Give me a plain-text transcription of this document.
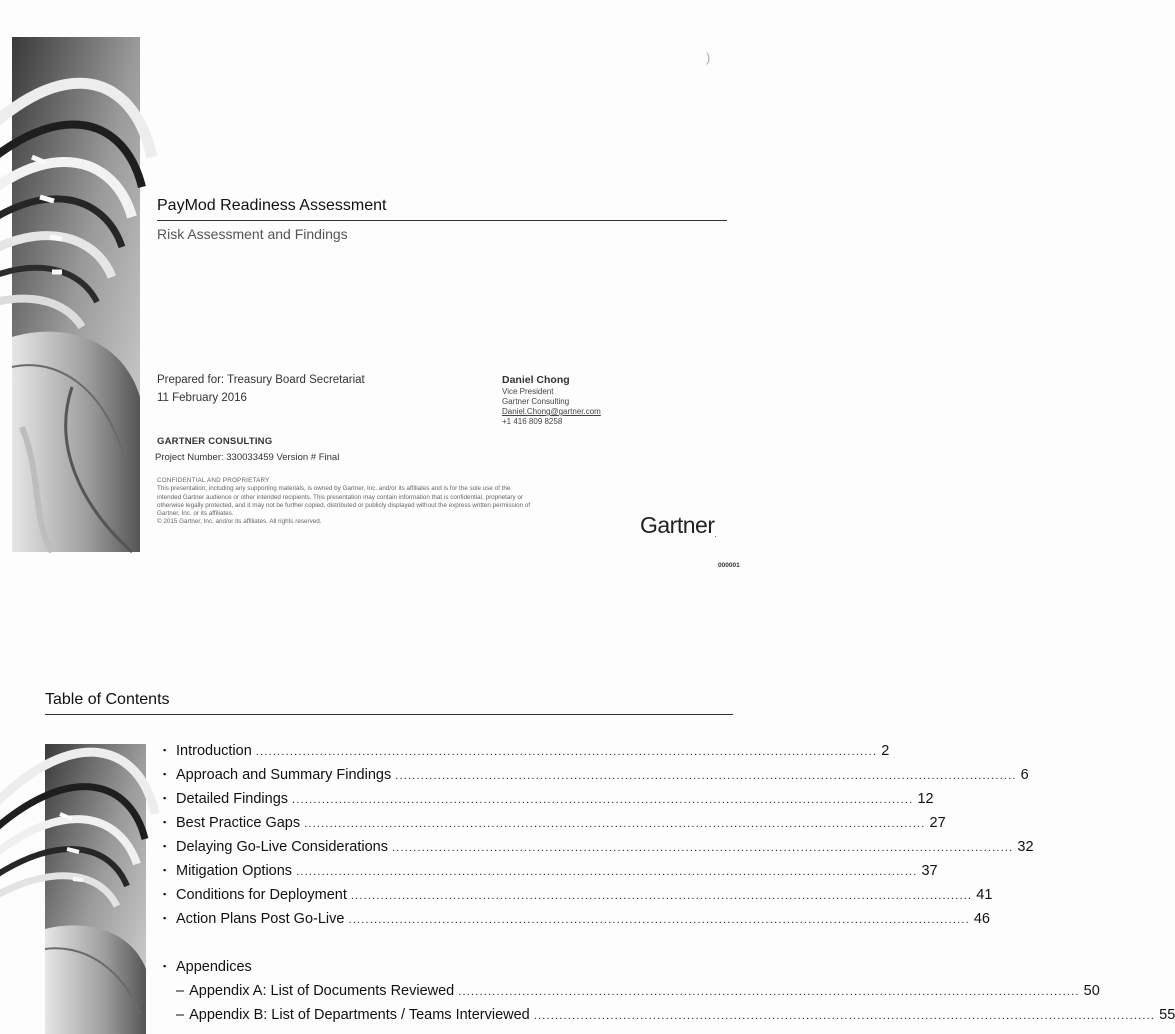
)
PayMod Readiness Assessment
Risk Assessment and Findings
Prepared for: Treasury Board Secretariat
11 February 2016
Daniel Chong
Vice President
Gartner Consulting
Daniel.Chong@gartner.com
+1 416 809 8258
GARTNER CONSULTING
Project Number: 330033459 Version # Final
CONFIDENTIAL AND PROPRIETARY
This presentation, including any supporting materials, is owned by Gartner, Inc. and/or its affiliates and is for the sole use of the intended Gartner audience or other intended recipients. This presentation may contain information that is confidential, proprietary or otherwise legally protected, and it may not be further copied, distributed or publicly displayed without the express written permission of Gartner, Inc. or its affiliates.
© 2015 Gartner, Inc. and/or its affiliates. All rights reserved.	Gartner.
000001
Table of Contents
▪ Introduction .................................................................................................................................................. 2
▪ Approach and Summary Findings .................................................................................................................................................. 6
▪ Detailed Findings .................................................................................................................................................. 12
▪ Best Practice Gaps .................................................................................................................................................. 27
▪ Delaying Go-Live Considerations .................................................................................................................................................. 32
▪ Mitigation Options .................................................................................................................................................. 37
▪ Conditions for Deployment .................................................................................................................................................. 41
▪ Action Plans Post Go-Live .................................................................................................................................................. 46
▪ Appendices
– Appendix A: List of Documents Reviewed .................................................................................................................................................. 50
– Appendix B: List of Departments / Teams Interviewed .................................................................................................................................................. 55
